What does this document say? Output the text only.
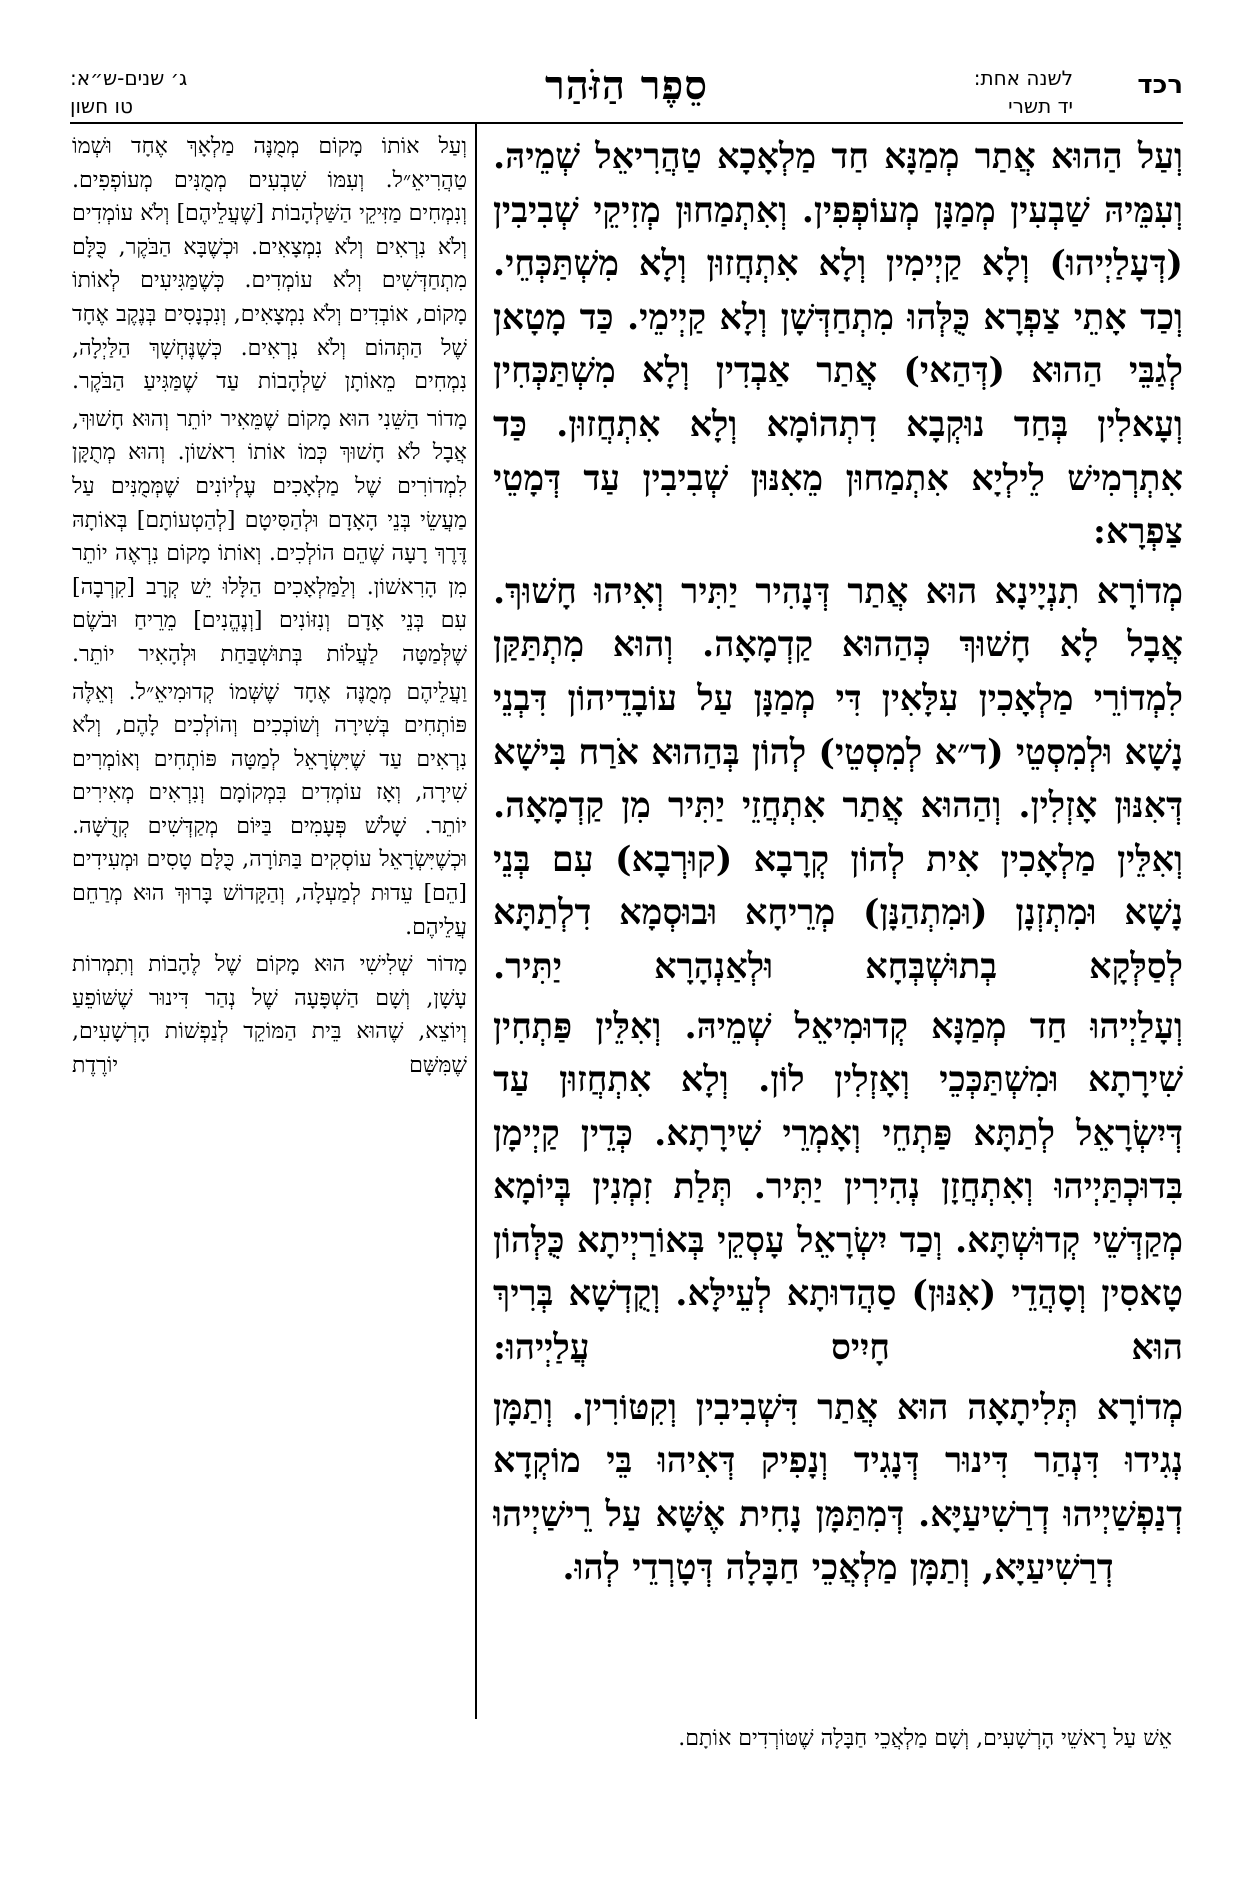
רכד
לשנה אחת:
יד תשרי
סֵפֶר הַזֹּהַר
ג׳ שנים-ש״א:
טו חשון

וְעַל הַהוּא אֲתַר מְמַנָּא חַד מַלְאָכָא טַהֲרִיאֵל שְׁמֵיהּ. וְעִמֵּיהּ שַׁבְעִין מְמַנָּן מְעוֹפְפִין. וְאִתְמַחוּן מְזִיקֵי שְׁבִיבִין (דְּעָלַיְיהוּ) וְלָא קַיְימִין וְלָא אִתְחֲזוּן וְלָא מִשְׁתַּכְּחֵי. וְכַד אָתֵי צַפְרָא כֻּלְּהוּ מִתְחַדְּשָׁן וְלָא קַיְימֵי. כַּד מָטָאן לְגַבֵּי הַהוּא (דְּהַאי) אֲתַר אַבְדִין וְלָא מִשְׁתַּכְּחִין וְעָאלִין בְּחַד נוּקְבָא דִתְהוֹמָא וְלָא אִתְחֲזוּן. כַּד אִתְרְמִישׁ לֵילְיָא אִתְמַחוּן מֵאִנּוּן שְׁבִיבִין עַד דְּמָטֵי צַפְרָא:

מְדוֹרָא תִנְיָינָא הוּא אֲתַר דְּנָהִיר יַתִּיר וְאִיהוּ חָשׁוּךְ. אֲבָל לָא חָשׁוּךְ כְּהַהוּא קַדְמָאָה. וְהוּא מִתְתַּקַּן לִמְדוֹרֵי מַלְאָכִין עִלָּאִין דִּי מְמַנָּן עַל עוֹבָדֵיהוֹן דִּבְנֵי נָשָׁא וּלְמִסְטֵי (ד״א לְמִסְטֵי) לְהוֹן בְּהַהוּא אֹרַח בִּישָׁא דְּאִנּוּן אָזְלִין. וְהַהוּא אֲתַר אִתְחֲזֵי יַתִּיר מִן קַדְמָאָה. וְאִלֵּין מַלְאָכִין אִית לְהוֹן קְרָבָא (קוּרְבָא) עִם בְּנֵי נָשָׁא וּמִתְזְנָן (וּמִתְהַנָּן) מְרֵיחָא וּבוּסְמָא דִלְתַתָּא לְסַלְּקָא בְתוּשְׁבְּחָא וּלְאַנְהָרָא יַתִּיר.

וְעָלַיְיהוּ חַד מְמַנָּא קְדוּמִיאֵל שְׁמֵיהּ. וְאִלֵּין פַּתְחִין שִׁירָתָא וּמִשְׁתַּכְּכֵי וְאָזְלִין לוֹן. וְלָא אִתְחֲזוּן עַד דְּיִשְׂרָאֵל לְתַתָּא פַּתְחֵי וְאָמְרֵי שִׁירָתָא. כְּדֵין קַיְימָן בִּדוּכְתַּיְיהוּ וְאִתְחֲזָן נְהִירִין יַתִּיר. תְּלַת זִמְנִין בְּיוֹמָא מְקַדְּשֵׁי קְדוּשְׁתָּא. וְכַד יִשְׂרָאֵל עָסְקֵי בְּאוֹרַיְיתָא כֻּלְּהוֹן טָאסִין וְסָהֲדֵי (אִנּוּן) סַהֲדוּתָא לְעֵילָּא. וְקֻדְשָׁא בְּרִיךְ הוּא חָיִיס עֲלַיְיהוּ:

מְדוֹרָא תְּלִיתָאָה הוּא אֲתַר דִּשְׁבִיבִין וְקִטּוֹרִין. וְתַמָּן נְגִידוּ דִּנְהַר דִּינוּר דְּנָגִיד וְנָפִיק דְּאִיהוּ בֵּי מוֹקְדָא דְנַפְשַׁיְיהוּ דְרַשִׁיעַיָּא. דְּמִתַּמָּן נָחִית אֶשָּׁא עַל רֵישַׁיְיהוּ דְרַשִׁיעַיָּא, וְתַמָּן מַלְאֲכֵי חַבָּלָה דְּטָרְדֵי לְהוּ.

וְעַל אוֹתוֹ מָקוֹם מְמֻנֶּה מַלְאָךְ אֶחָד וּשְׁמוֹ טַהֲרִיאֵ״ל. וְעִמּוֹ שִׁבְעִים מְמֻנִּים מְעוֹפְפִים. וְנִמְחִים מַזִּיקֵי הַשַּׁלְהָבוֹת [שֶׁעֲלֵיהֶם] וְלֹא עוֹמְדִים וְלֹא נִרְאִים וְלֹא נִמְצָאִים. וּכְשֶׁבָּא הַבֹּקֶר, כֻּלָּם מִתְחַדְּשִׁים וְלֹא עוֹמְדִים. כְּשֶׁמַּגִּיעִים לְאוֹתוֹ מָקוֹם, אוֹבְדִים וְלֹא נִמְצָאִים, וְנִכְנָסִים בְּנֶקֶב אֶחָד שֶׁל הַתְּהוֹם וְלֹא נִרְאִים. כְּשֶׁנֶּחְשָׁךְ הַלַּיְלָה, נִמְחִים מֵאוֹתָן שַׁלְהָבוֹת עַד שֶׁמַּגִּיעַ הַבֹּקֶר.

מָדוֹר הַשֵּׁנִי הוּא מָקוֹם שֶׁמֵּאִיר יוֹתֵר וְהוּא חָשׁוּךְ, אֲבָל לֹא חָשׁוּךְ כְּמוֹ אוֹתוֹ רִאשׁוֹן. וְהוּא מְתֻקָּן לִמְדוֹרִים שֶׁל מַלְאָכִים עֶלְיוֹנִים שֶׁמְּמֻנִּים עַל מַעֲשֵׂי בְּנֵי הָאָדָם וּלְהַסִּיטָם [לְהַטְעוֹתָם] בְּאוֹתָהּ דֶּרֶךְ רָעָה שֶׁהֵם הוֹלְכִים. וְאוֹתוֹ מָקוֹם נִרְאֶה יוֹתֵר מִן הָרִאשׁוֹן. וְלַמַּלְאָכִים הַלָּלוּ יֵשׁ קְרָב [קִרְבָה] עִם בְּנֵי אָדָם וְנִזּוֹנִים [וְנֶהֱנִים] מֵרֵיחַ וּבֹשֶׂם שֶׁלְּמַטָּה לַעֲלוֹת בְּתוּשְׁבַּחַת וּלְהָאִיר יוֹתֵר.

וַעֲלֵיהֶם מְמֻנֶּה אֶחָד שֶׁשְּׁמוֹ קְדוּמִיאֵ״ל. וְאֵלֶּה פּוֹתְחִים בְּשִׁירָה וְשׁוֹכְכִים וְהוֹלְכִים לָהֶם, וְלֹא נִרְאִים עַד שֶׁיִּשְׂרָאֵל לְמַטָּה פּוֹתְחִים וְאוֹמְרִים שִׁירָה, וְאָז עוֹמְדִים בִּמְקוֹמָם וְנִרְאִים מְאִירִים יוֹתֵר. שָׁלֹשׁ פְּעָמִים בַּיּוֹם מְקַדְּשִׁים קְדֻשָּׁה. וּכְשֶׁיִּשְׂרָאֵל עוֹסְקִים בַּתּוֹרָה, כֻּלָּם טָסִים וּמְעִידִים [הֵם] עֵדוּת לְמַעְלָה, וְהַקָּדוֹשׁ בָּרוּךְ הוּא מְרַחֵם עֲלֵיהֶם.

מָדוֹר שְׁלִישִׁי הוּא מָקוֹם שֶׁל לֶהָבוֹת וְתִמְרוֹת עָשָׁן, וְשָׁם הַשְׁפָּעָה שֶׁל נְהַר דִּינוּר שֶׁשּׁוֹפֵעַ וְיוֹצֵא, שֶׁהוּא בֵּית הַמּוֹקֵד לְנַפְשׁוֹת הָרְשָׁעִים, שֶׁמִּשָּׁם יוֹרֶדֶת

אֵשׁ עַל רָאשֵׁי הָרְשָׁעִים, וְשָׁם מַלְאֲכֵי חַבָּלָה שֶׁטּוֹרְדִים אוֹתָם.
